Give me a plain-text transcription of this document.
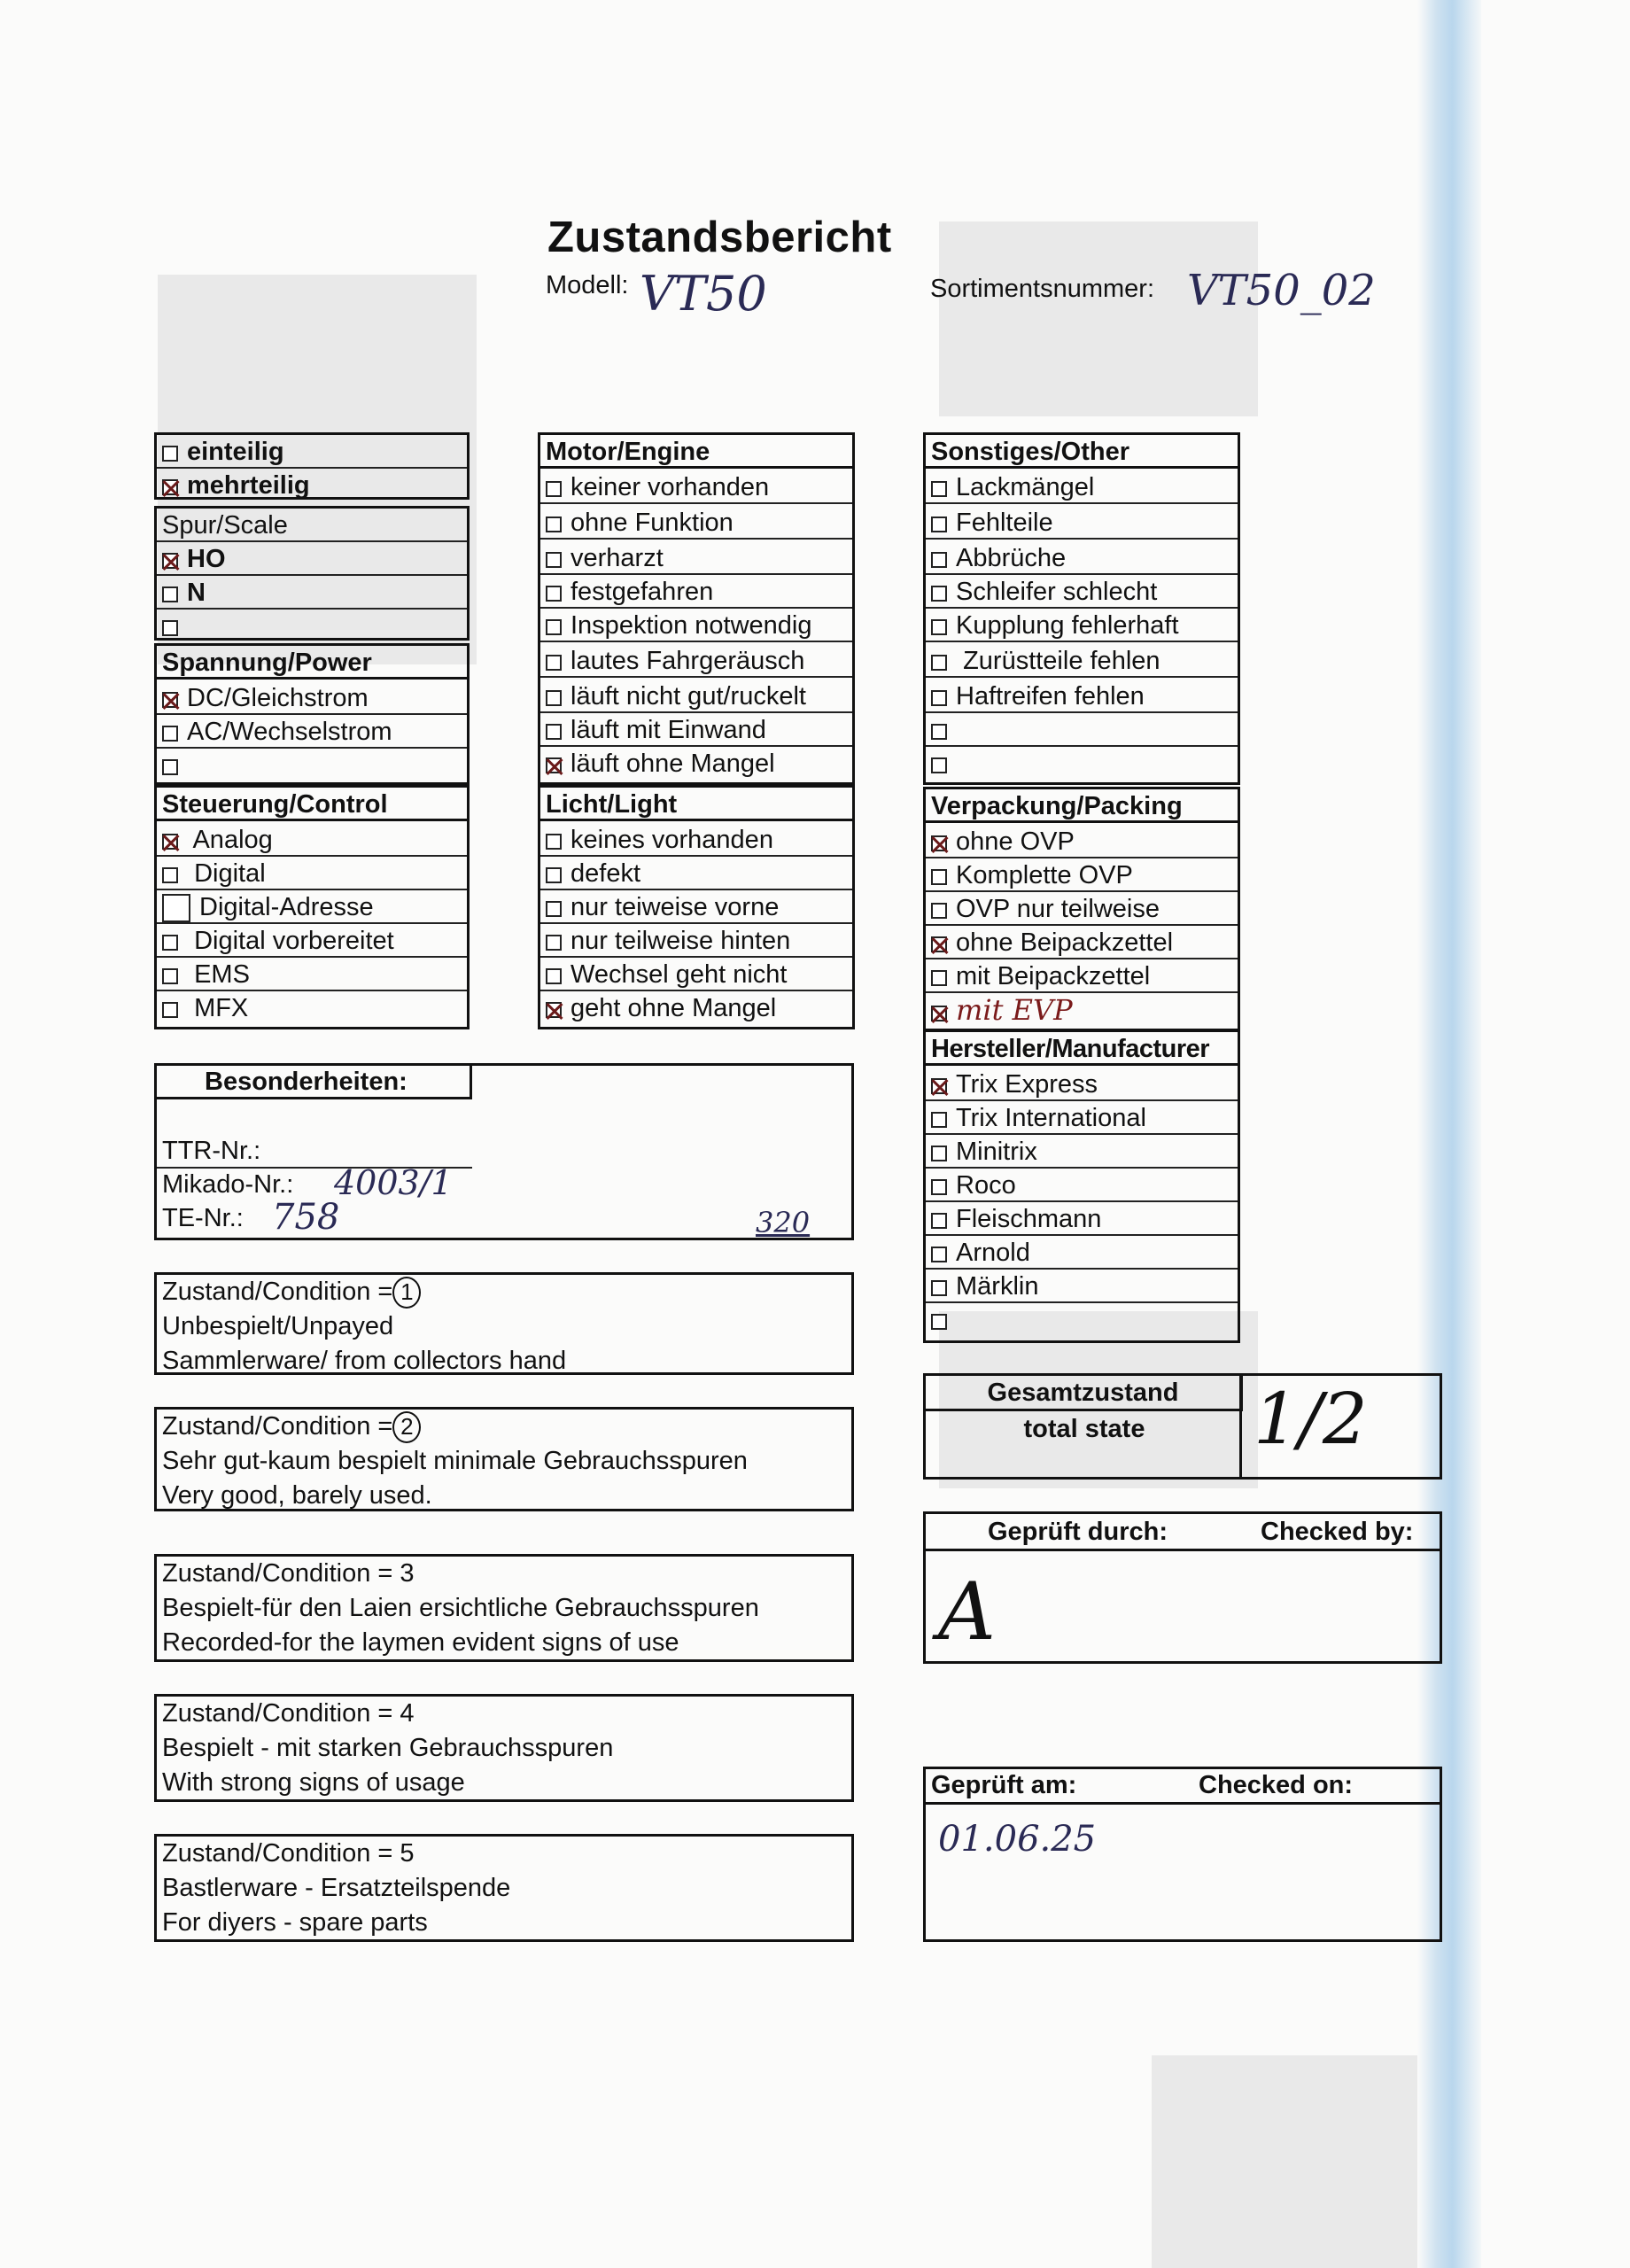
Zustandsbericht
Modell: VT50	Sortimentsnummer: VT50_02
einteilig
mehrteilig
Spur/Scale
HO
N
Spannung/Power
DC/Gleichstrom
AC/Wechselstrom
Steuerung/Control
Analog
Digital
Digital-Adresse
Digital vorbereitet
EMS
MFX
Motor/Engine
keiner vorhanden
ohne Funktion
verharzt
festgefahren
Inspektion notwendig
lautes Fahrgeräusch
läuft nicht gut/ruckelt
läuft mit Einwand
läuft ohne Mangel
Licht/Light
keines vorhanden
defekt
nur teiweise vorne
nur teilweise hinten
Wechsel geht nicht
geht ohne Mangel
Sonstiges/Other
Lackmängel
Fehlteile
Abbrüche
Schleifer schlecht
Kupplung fehlerhaft
Zurüstteile fehlen
Haftreifen fehlen
Verpackung/Packing
ohne OVP
Komplette OVP
OVP nur teilweise
ohne Beipackzettel
mit Beipackzettel
mit EVP
Hersteller/Manufacturer
Trix Express
Trix International
Minitrix
Roco
Fleischmann
Arnold
Märklin
Besonderheiten:
TTR-Nr.:
Mikado-Nr.: 4003/1
TE-Nr.: 758	320
Zustand/Condition = 1
Unbespielt/Unpayed
Sammlerware/ from collectors hand
Zustand/Condition = 2
Sehr gut-kaum bespielt minimale Gebrauchsspuren
Very good, barely used.
Zustand/Condition = 3
Bespielt-für den Laien ersichtliche Gebrauchsspuren
Recorded-for the laymen evident signs of use
Zustand/Condition = 4
Bespielt - mit starken Gebrauchsspuren
With strong signs of usage
Zustand/Condition = 5
Bastlerware - Ersatzteilspende
For diyers - spare parts
Gesamtzustand
total state	1/2
Geprüft durch:	Checked by:
A
Geprüft am:	Checked on:
01.06.25
